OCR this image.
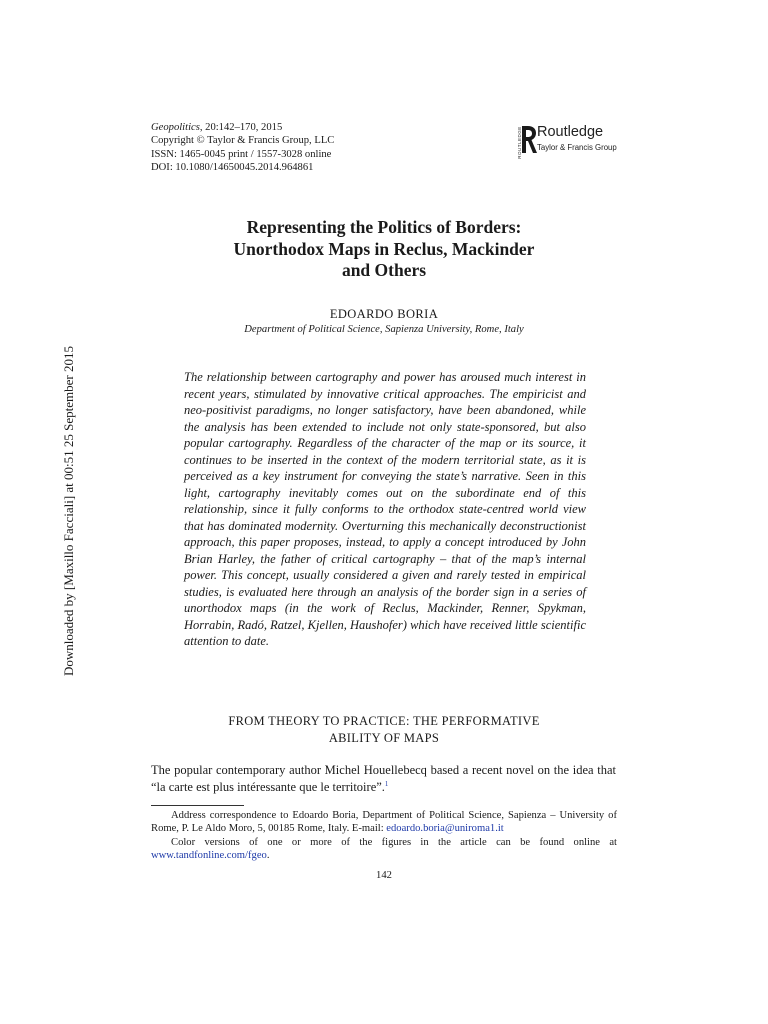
Downloaded by [Maxillo Facciali] at 00:51 25 September 2015
Geopolitics, 20:142–170, 2015
Copyright © Taylor & Francis Group, LLC
ISSN: 1465-0045 print / 1557-3028 online
DOI: 10.1080/14650045.2014.964861
ROUTLEDGE Routledge
Taylor & Francis Group
Representing the Politics of Borders:
Unorthodox Maps in Reclus, Mackinder
and Others
EDOARDO BORIA
Department of Political Science, Sapienza University, Rome, Italy
The relationship between cartography and power has aroused much interest in recent years, stimulated by innovative critical approaches. The empiricist and neo-positivist paradigms, no longer satisfactory, have been abandoned, while the analysis has been extended to include not only state-sponsored, but also popular cartography. Regardless of the character of the map or its source, it continues to be inserted in the context of the modern territorial state, as it is perceived as a key instrument for conveying the state’s narrative. Seen in this light, cartography inevitably comes out on the subordinate end of this relationship, since it fully conforms to the orthodox state-centred world view that has dominated modernity. Overturning this mechanically deconstructionist approach, this paper proposes, instead, to apply a concept introduced by John Brian Harley, the father of critical cartography – that of the map’s internal power. This concept, usually considered a given and rarely tested in empirical studies, is evaluated here through an analysis of the border sign in a series of unorthodox maps (in the work of Reclus, Mackinder, Renner, Spykman, Horrabin, Radó, Ratzel, Kjellen, Haushofer) which have received little scientific attention to date.
FROM THEORY TO PRACTICE: THE PERFORMATIVE
ABILITY OF MAPS
The popular contemporary author Michel Houellebecq based a recent novel on the idea that “la carte est plus intéressante que le territoire”.$^1$

Address correspondence to Edoardo Boria, Department of Political Science, Sapienza – University of Rome, P. Le Aldo Moro, 5, 00185 Rome, Italy. E-mail: edoardo.boria@uniroma1.it

Color versions of one or more of the figures in the article can be found online at www.tandfonline.com/fgeo.

142
